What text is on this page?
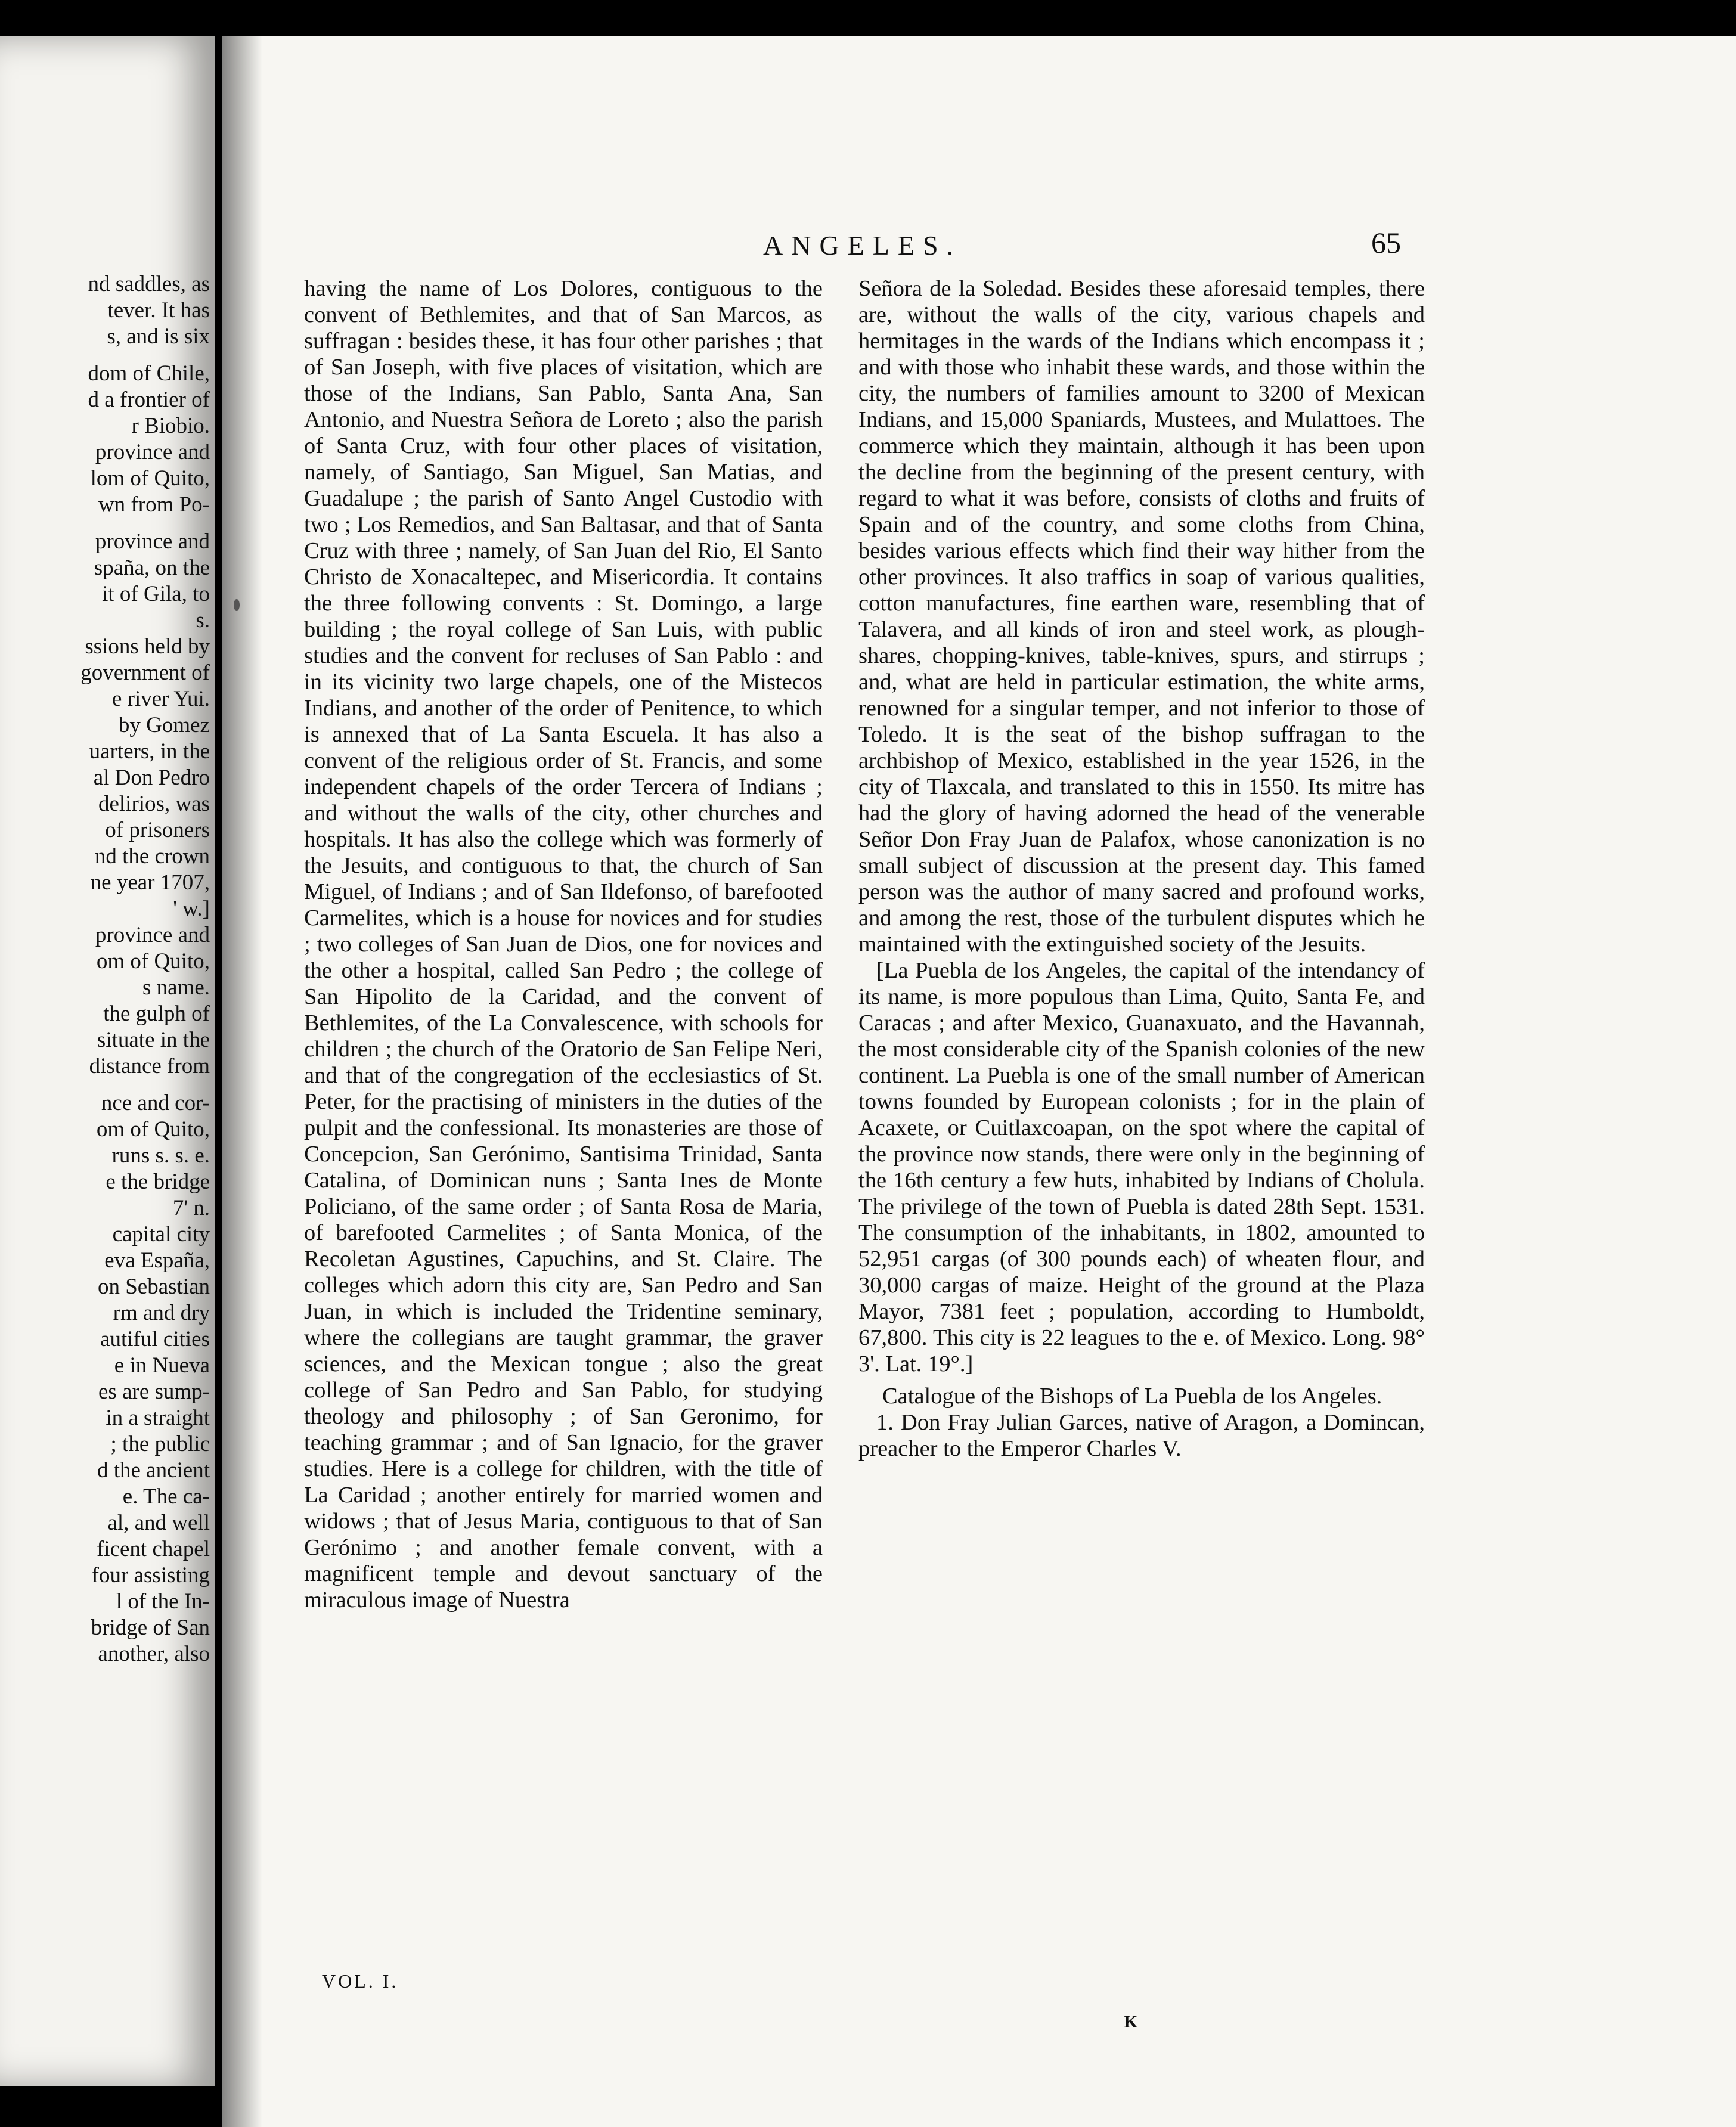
nd saddles, as
tever. It has
s, and is six
dom of Chile,
d a frontier of
r Biobio.
province and
lom of Quito,
wn from Po-
province and
spaña, on the
it of Gila, to
s.
ssions held by
government of
e river Yui.
by Gomez
uarters, in the
al Don Pedro
delirios, was
of prisoners
nd the crown
ne year 1707,
' w.]
province and
om of Quito,
s name.
the gulph of
situate in the
distance from
nce and cor-
om of Quito,
runs s. s. e.
e the bridge
7' n.
capital city
eva España,
on Sebastian
rm and dry
autiful cities
e in Nueva
es are sump-
in a straight
; the public
d the ancient
e. The ca-
al, and well
ficent chapel
four assisting
l of the In-
bridge of San
another, also
ANGELES.	65

having the name of Los Dolores, contiguous to the convent of Bethlemites, and that of San Marcos, as suffragan : besides these, it has four other parishes ; that of San Joseph, with five places of visitation, which are those of the Indians, San Pablo, Santa Ana, San Antonio, and Nuestra Señora de Loreto ; also the parish of Santa Cruz, with four other places of visitation, namely, of Santiago, San Miguel, San Matias, and Guadalupe ; the parish of Santo Angel Custodio with two ; Los Remedios, and San Baltasar, and that of Santa Cruz with three ; namely, of San Juan del Rio, El Santo Christo de Xonacaltepec, and Misericordia. It contains the three following convents : St. Domingo, a large building ; the royal college of San Luis, with public studies and the convent for recluses of San Pablo : and in its vicinity two large chapels, one of the Mistecos Indians, and another of the order of Penitence, to which is annexed that of La Santa Escuela. It has also a convent of the religious order of St. Francis, and some independent chapels of the order Tercera of Indians ; and without the walls of the city, other churches and hospitals. It has also the college which was formerly of the Jesuits, and contiguous to that, the church of San Miguel, of Indians ; and of San Ildefonso, of barefooted Carmelites, which is a house for novices and for studies ; two colleges of San Juan de Dios, one for novices and the other a hospital, called San Pedro ; the college of San Hipolito de la Caridad, and the convent of Bethlemites, of the La Convalescence, with schools for children ; the church of the Oratorio de San Felipe Neri, and that of the congregation of the ecclesiastics of St. Peter, for the practising of ministers in the duties of the pulpit and the confessional. Its monasteries are those of Concepcion, San Gerónimo, Santisima Trinidad, Santa Catalina, of Dominican nuns ; Santa Ines de Monte Policiano, of the same order ; of Santa Rosa de Maria, of barefooted Carmelites ; of Santa Monica, of the Recoletan Agustines, Capuchins, and St. Claire. The colleges which adorn this city are, San Pedro and San Juan, in which is included the Tridentine seminary, where the collegians are taught grammar, the graver sciences, and the Mexican tongue ; also the great college of San Pedro and San Pablo, for studying theology and philosophy ; of San Geronimo, for teaching grammar ; and of San Ignacio, for the graver studies. Here is a college for children, with the title of La Caridad ; another entirely for married women and widows ; that of Jesus Maria, contiguous to that of San Gerónimo ; and another female convent, with a magnificent temple and devout sanctuary of the miraculous image of Nuestra

Señora de la Soledad. Besides these aforesaid temples, there are, without the walls of the city, various chapels and hermitages in the wards of the Indians which encompass it ; and with those who inhabit these wards, and those within the city, the numbers of families amount to 3200 of Mexican Indians, and 15,000 Spaniards, Mustees, and Mulattoes. The commerce which they maintain, although it has been upon the decline from the beginning of the present century, with regard to what it was before, consists of cloths and fruits of Spain and of the country, and some cloths from China, besides various effects which find their way hither from the other provinces. It also traffics in soap of various qualities, cotton manufactures, fine earthen ware, resembling that of Talavera, and all kinds of iron and steel work, as plough-shares, chopping-knives, table-knives, spurs, and stirrups ; and, what are held in particular estimation, the white arms, renowned for a singular temper, and not inferior to those of Toledo. It is the seat of the bishop suffragan to the archbishop of Mexico, established in the year 1526, in the city of Tlaxcala, and translated to this in 1550. Its mitre has had the glory of having adorned the head of the venerable Señor Don Fray Juan de Palafox, whose canonization is no small subject of discussion at the present day. This famed person was the author of many sacred and profound works, and among the rest, those of the turbulent disputes which he maintained with the extinguished society of the Jesuits.

[La Puebla de los Angeles, the capital of the intendancy of its name, is more populous than Lima, Quito, Santa Fe, and Caracas ; and after Mexico, Guanaxuato, and the Havannah, the most considerable city of the Spanish colonies of the new continent. La Puebla is one of the small number of American towns founded by European colonists ; for in the plain of Acaxete, or Cuitlaxcoapan, on the spot where the capital of the province now stands, there were only in the beginning of the 16th century a few huts, inhabited by Indians of Cholula. The privilege of the town of Puebla is dated 28th Sept. 1531. The consumption of the inhabitants, in 1802, amounted to 52,951 cargas (of 300 pounds each) of wheaten flour, and 30,000 cargas of maize. Height of the ground at the Plaza Mayor, 7381 feet ; population, according to Humboldt, 67,800. This city is 22 leagues to the e. of Mexico. Long. 98° 3'. Lat. 19°.]

Catalogue of the Bishops of La Puebla de los Angeles.

1. Don Fray Julian Garces, native of Aragon, a Domincan, preacher to the Emperor Charles V.

VOL. I.
K
